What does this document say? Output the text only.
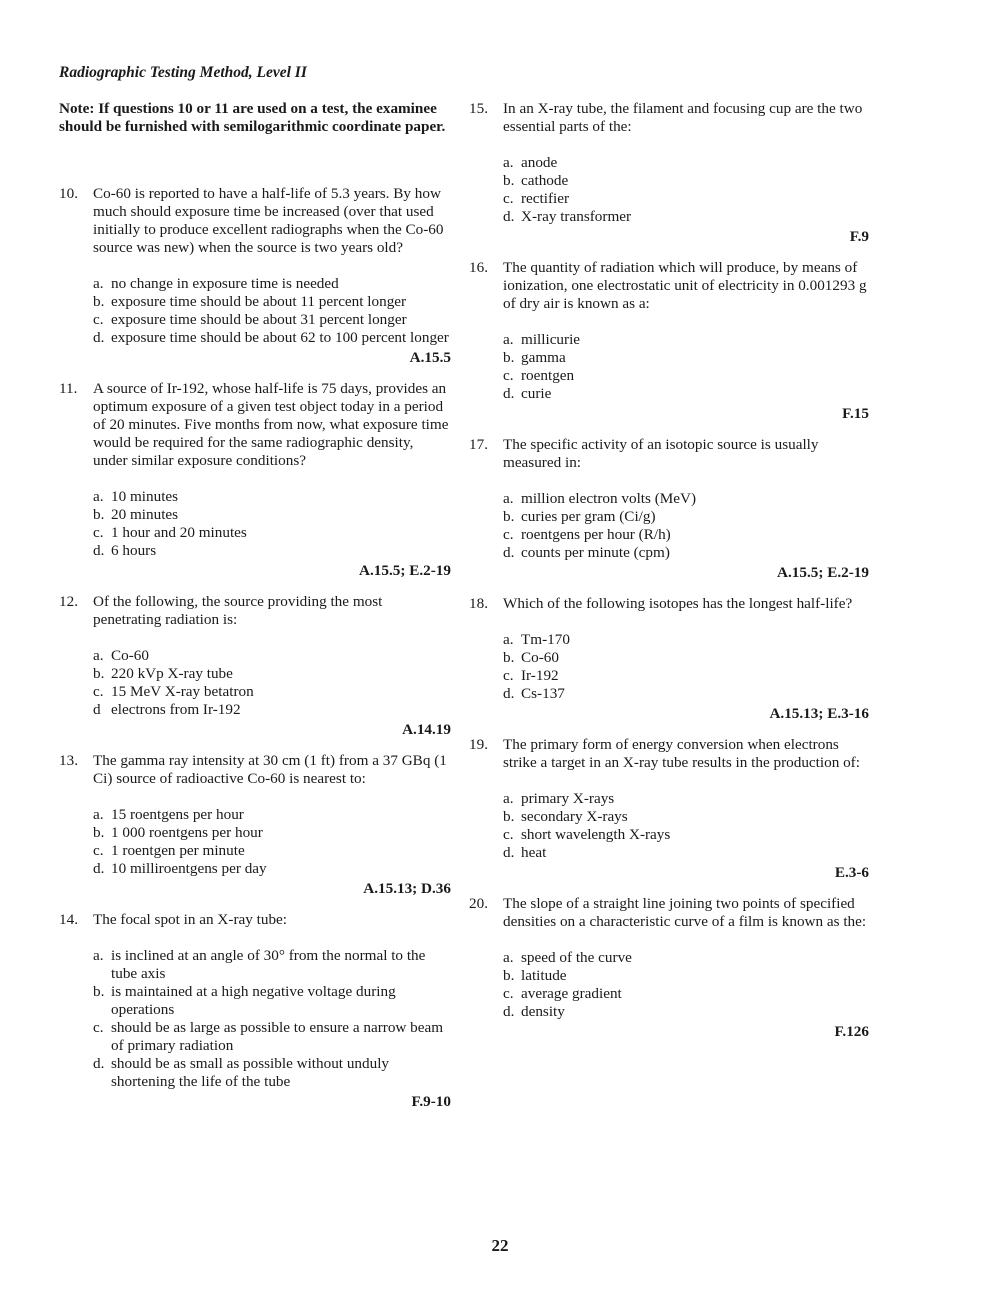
Radiographic Testing Method, Level II

Note: If questions 10 or 11 are used on a test, the examinee should be furnished with semilogarithmic coordinate paper.

10. Co-60 is reported to have a half-life of 5.3 years. By how much should exposure time be increased (over that used initially to produce excellent radiographs when the Co-60 source was new) when the source is two years old?
a. no change in exposure time is needed
b. exposure time should be about 11 percent longer
c. exposure time should be about 31 percent longer
d. exposure time should be about 62 to 100 percent longer
A.15.5
11.	A source of Ir-192, whose half-life is 75 days, provides an optimum exposure of a given test object today in a period of 20 minutes. Five months from now, what exposure time would be required for the same radiographic density, under similar exposure conditions?
a. 10 minutes
b. 20 minutes
c. 1 hour and 20 minutes
d. 6 hours
A.15.5; E.2-19
12. Of the following, the source providing the most penetrating radiation is:
a. Co-60
b. 220 kVp X-ray tube
c. 15 MeV X-ray betatron
d electrons from Ir-192
A.14.19
13. The gamma ray intensity at 30 cm (1 ft) from a 37 GBq (1 Ci) source of radioactive Co-60 is nearest to:
a. 15 roentgens per hour
b. 1 000 roentgens per hour
c. 1 roentgen per minute
d. 10 milliroentgens per day
A.15.13; D.36
14. The focal spot in an X-ray tube:
a. is inclined at an angle of 30° from the normal to the tube axis
b. is maintained at a high negative voltage during operations
c. should be as large as possible to ensure a narrow beam of primary radiation
d. should be as small as possible without unduly shortening the life of the tube
F.9-10
15. In an X-ray tube, the filament and focusing cup are the two essential parts of the:
a. anode
b. cathode
c. rectifier
d. X-ray transformer
F.9
16. The quantity of radiation which will produce, by means of ionization, one electrostatic unit of electricity in 0.001293 g of dry air is known as a:
a. millicurie
b. gamma
c. roentgen
d. curie
F.15
17. The specific activity of an isotopic source is usually measured in:
a. million electron volts (MeV)
b. curies per gram (Ci/g)
c. roentgens per hour (R/h)
d. counts per minute (cpm)
A.15.5; E.2-19
18. Which of the following isotopes has the longest half-life?
a. Tm-170
b. Co-60
c. Ir-192
d. Cs-137
A.15.13; E.3-16
19. The primary form of energy conversion when electrons strike a target in an X-ray tube results in the production of:
a. primary X-rays
b. secondary X-rays
c. short wavelength X-rays
d. heat
E.3-6
20. The slope of a straight line joining two points of specified densities on a characteristic curve of a film is known as the:
a. speed of the curve
b. latitude
c. average gradient
d. density
F.126
22
